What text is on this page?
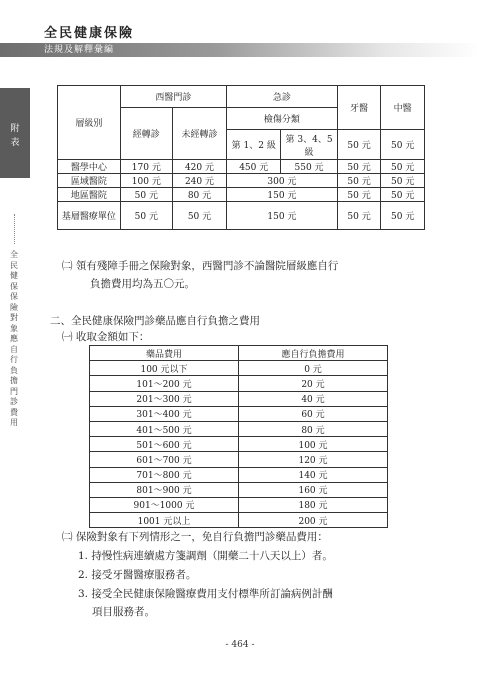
全民健康保險
法規及解釋彙編
附表
全民健保保險對象應自行負擔門診費用
層級別	西醫門診		急診		牙醫	中醫
	經轉診	未經轉診	檢傷分類			
			第 1、2 級	第 3、4、5 級	50 元	50 元
醫學中心	170 元	420 元	450 元	550 元	50 元	50 元
區域醫院	100 元	240 元	300 元		50 元	50 元
地區醫院	50 元	80 元	150 元		50 元	50 元
基層醫療單位	50 元	50 元	150 元		50 元	50 元
㈡ 領有殘障手冊之保險對象，西醫門診不論醫院層級應自行
負擔費用均為五〇元。
二、全民健康保險門診藥品應自行負擔之費用
㈠ 收取金額如下：
藥品費用	應自行負擔費用
100 元以下	0 元
101～200 元	20 元
201～300 元	40 元
301～400 元	60 元
401～500 元	80 元
501～600 元	100 元
601～700 元	120 元
701～800 元	140 元
801～900 元	160 元
901～1000 元	180 元
1001 元以上	200 元
㈡ 保險對象有下列情形之一，免自行負擔門診藥品費用：
1. 持慢性病連續處方箋調劑（開藥二十八天以上）者。
2. 接受牙醫醫療服務者。
3. 接受全民健康保險醫療費用支付標準所訂論病例計酬
項目服務者。
- 464 -
